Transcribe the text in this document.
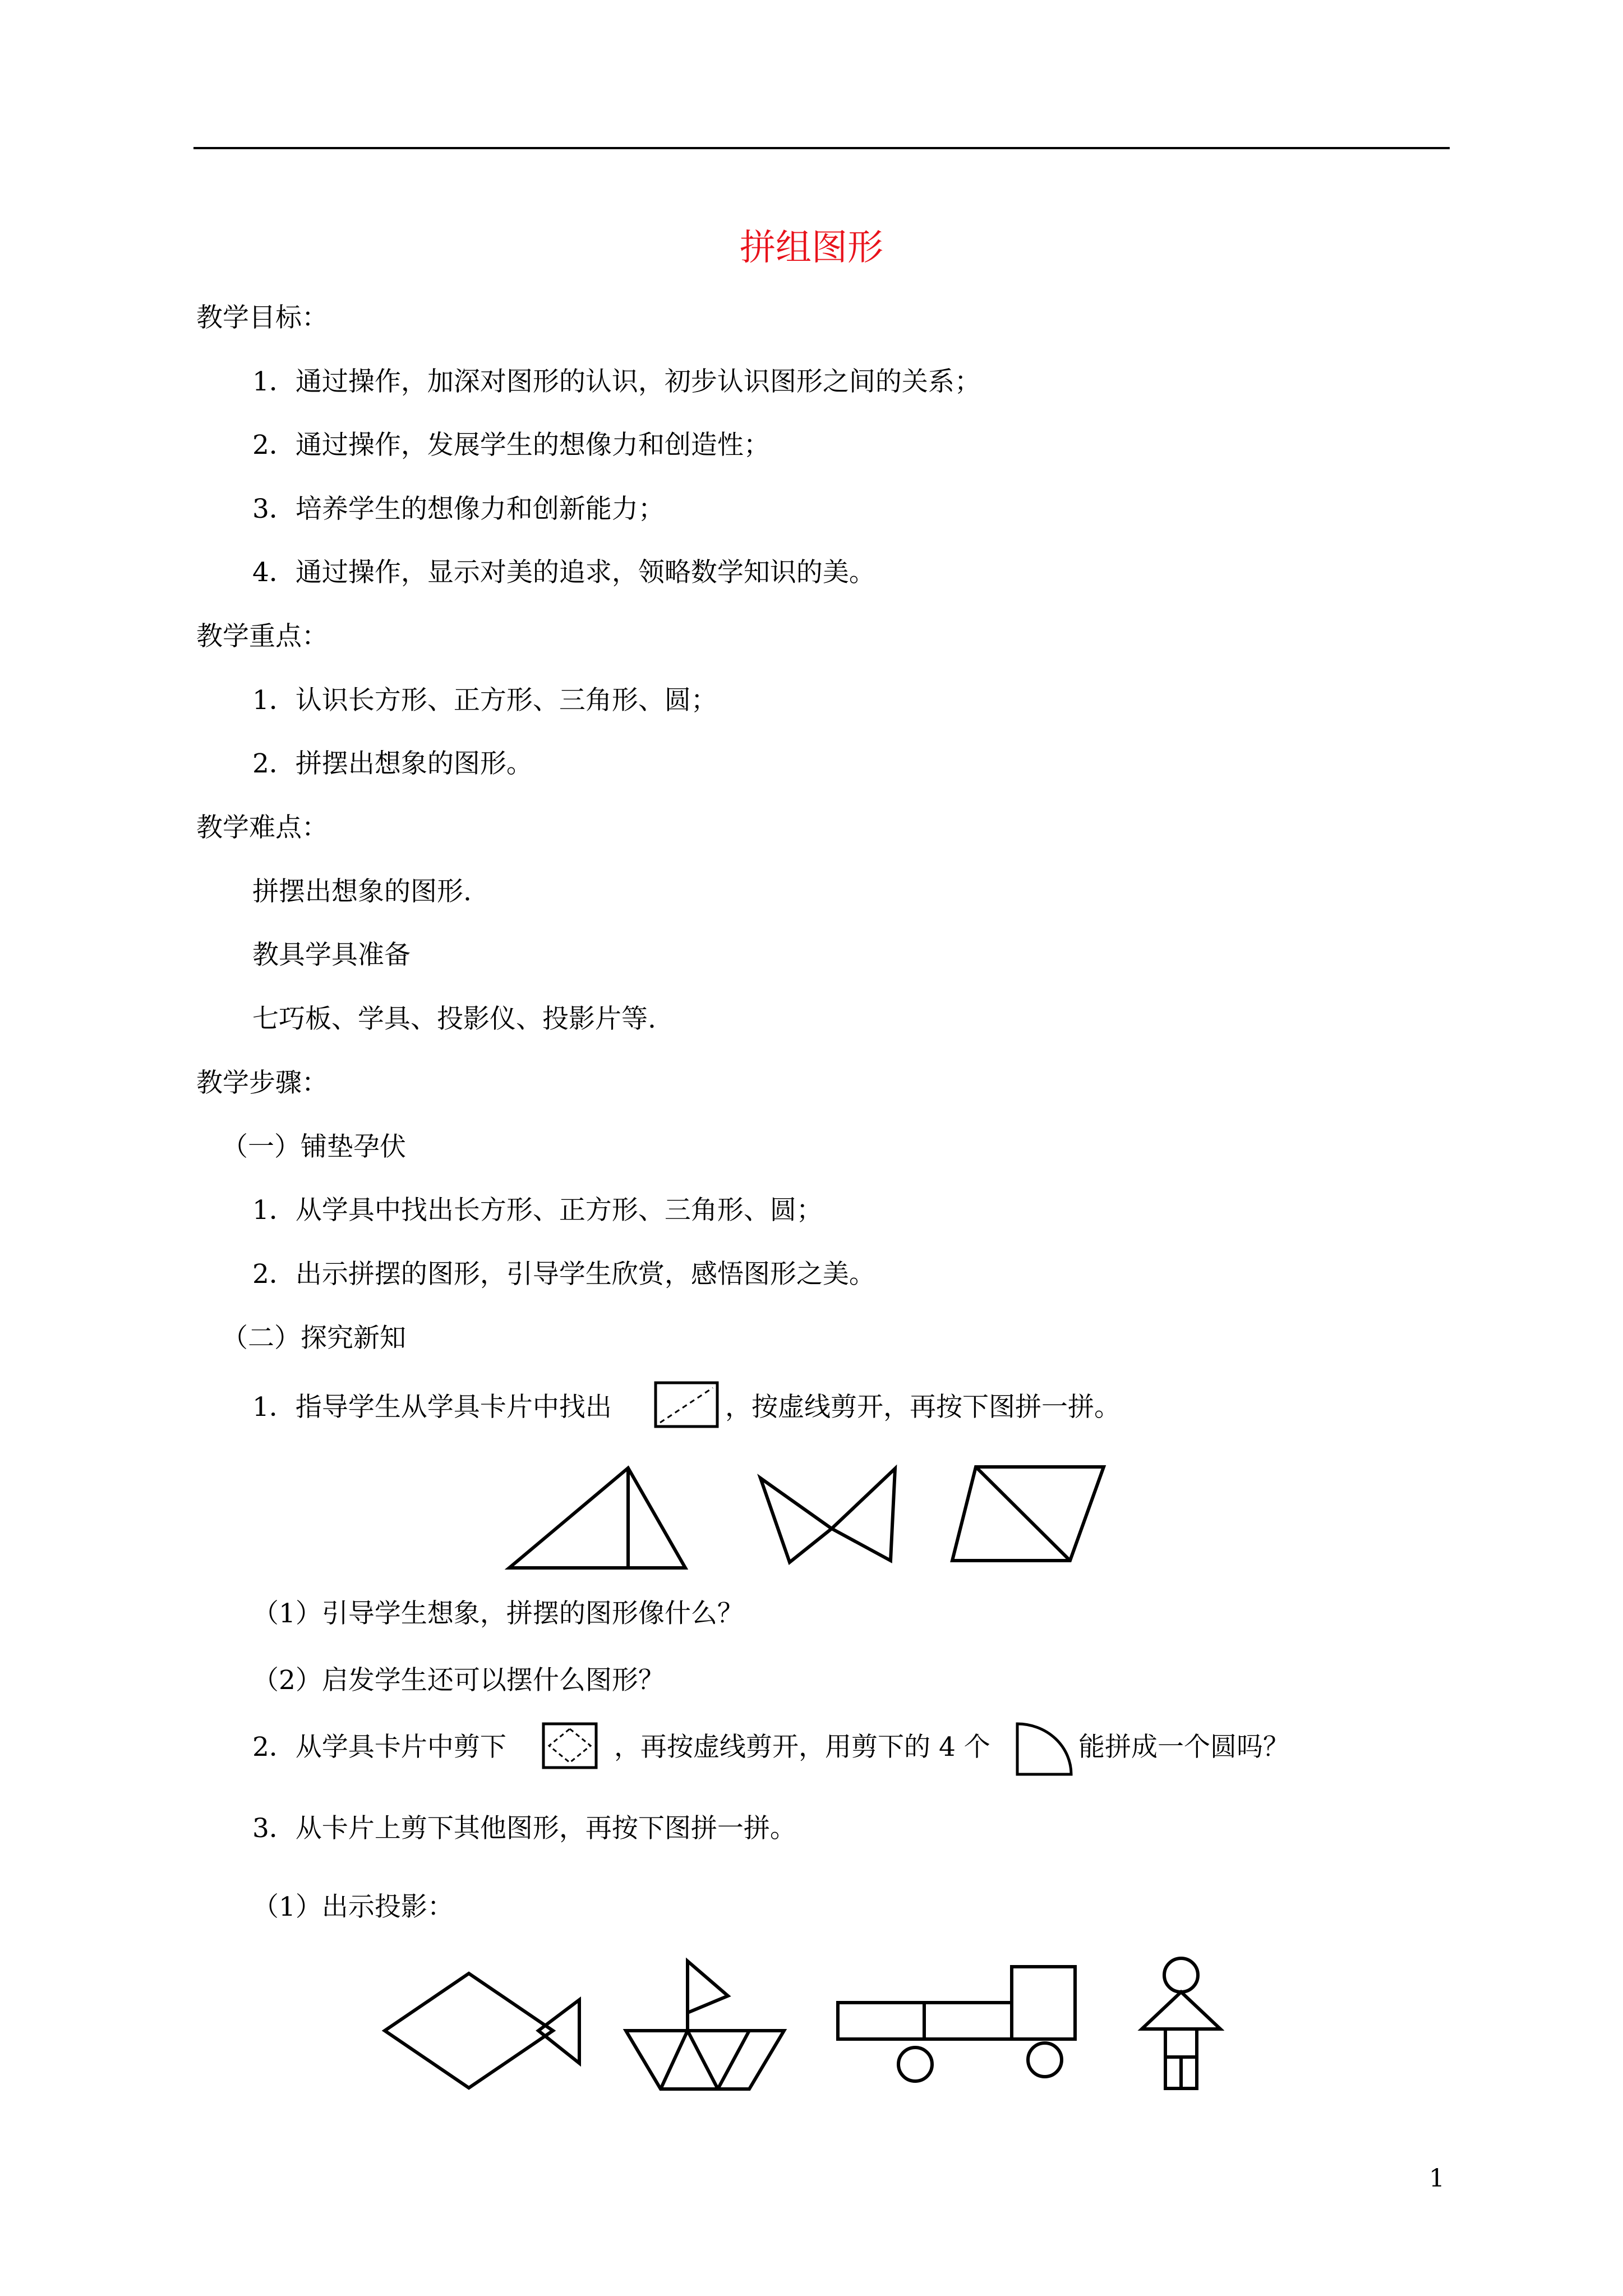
拼组图形
教学目标：
1．通过操作，加深对图形的认识，初步认识图形之间的关系；
2．通过操作，发展学生的想像力和创造性；
3．培养学生的想像力和创新能力；
4．通过操作，显示对美的追求，领略数学知识的美。
教学重点：
1．认识长方形、正方形、三角形、圆；
2．拼摆出想象的图形。
教学难点：
拼摆出想象的图形.
教具学具准备
七巧板、学具、投影仪、投影片等.
教学步骤：
（一）铺垫孕伏
1．从学具中找出长方形、正方形、三角形、圆；
2．出示拼摆的图形，引导学生欣赏，感悟图形之美。
（二）探究新知
1．指导学生从学具卡片中找出	，按虚线剪开，再按下图拼一拼。
（1）引导学生想象，拼摆的图形像什么？
（2）启发学生还可以摆什么图形？
2．从学具卡片中剪下	，再按虚线剪开，用剪下的 4 个	能拼成一个圆吗？
3．从卡片上剪下其他图形，再按下图拼一拼。
（1）出示投影：
1
